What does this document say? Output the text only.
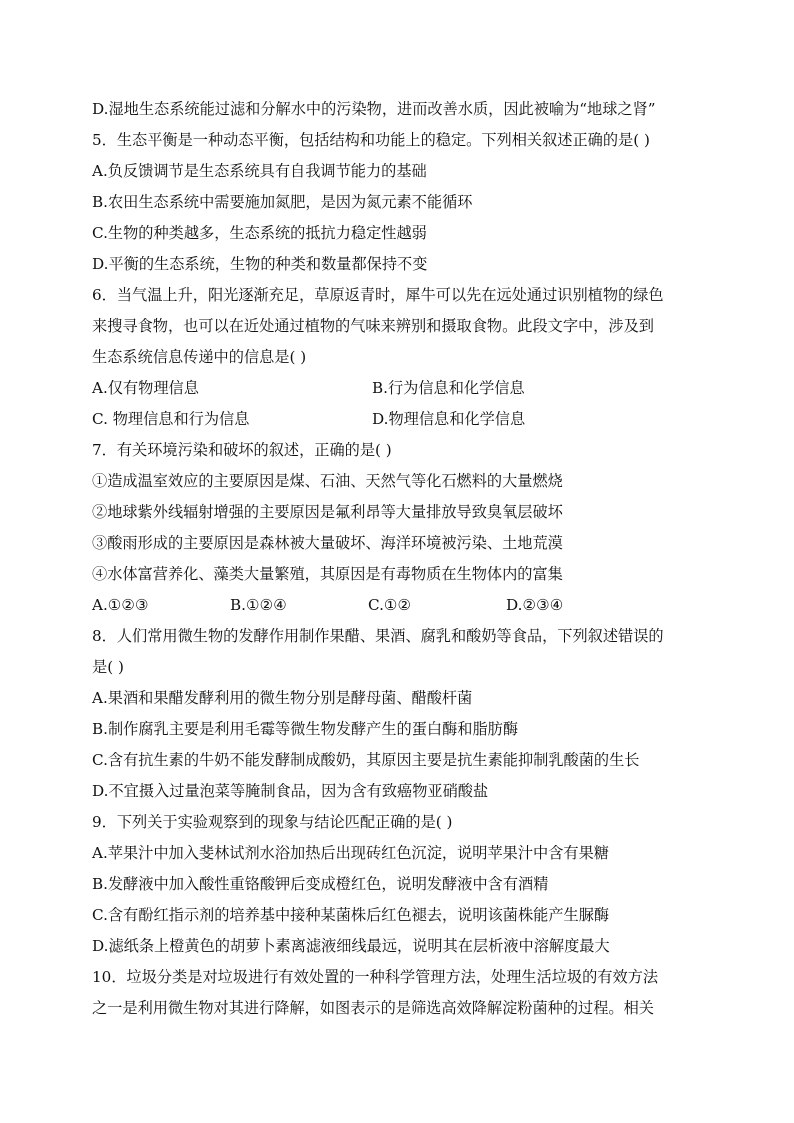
D.湿地生态系统能过滤和分解水中的污染物，进而改善水质，因此被喻为“地球之肾”
5．生态平衡是一种动态平衡，包括结构和功能上的稳定。下列相关叙述正确的是( )
A.负反馈调节是生态系统具有自我调节能力的基础
B.农田生态系统中需要施加氮肥，是因为氮元素不能循环
C.生物的种类越多，生态系统的抵抗力稳定性越弱
D.平衡的生态系统，生物的种类和数量都保持不变
6．当气温上升，阳光逐渐充足，草原返青时，犀牛可以先在远处通过识别植物的绿色
来搜寻食物，也可以在近处通过植物的气味来辨别和摄取食物。此段文字中，涉及到
生态系统信息传递中的信息是( )
A.仅有物理信息	B.行为信息和化学信息
C. 物理信息和行为信息	D.物理信息和化学信息
7．有关环境污染和破坏的叙述，正确的是( )
①造成温室效应的主要原因是煤、石油、天然气等化石燃料的大量燃烧
②地球紫外线辐射增强的主要原因是氟利昂等大量排放导致臭氧层破坏
③酸雨形成的主要原因是森林被大量破坏、海洋环境被污染、土地荒漠
④水体富营养化、藻类大量繁殖，其原因是有毒物质在生物体内的富集
A.①②③	B.①②④	C.①②	D.②③④
8．人们常用微生物的发酵作用制作果醋、果酒、腐乳和酸奶等食品，下列叙述错误的
是( )
A.果酒和果醋发酵利用的微生物分别是酵母菌、醋酸杆菌
B.制作腐乳主要是利用毛霉等微生物发酵产生的蛋白酶和脂肪酶
C.含有抗生素的牛奶不能发酵制成酸奶，其原因主要是抗生素能抑制乳酸菌的生长
D.不宜摄入过量泡菜等腌制食品，因为含有致癌物亚硝酸盐
9．下列关于实验观察到的现象与结论匹配正确的是( )
A.苹果汁中加入斐林试剂水浴加热后出现砖红色沉淀，说明苹果汁中含有果糖
B.发酵液中加入酸性重铬酸钾后变成橙红色，说明发酵液中含有酒精
C.含有酚红指示剂的培养基中接种某菌株后红色褪去，说明该菌株能产生脲酶
D.滤纸条上橙黄色的胡萝卜素离滤液细线最远，说明其在层析液中溶解度最大
10．垃圾分类是对垃圾进行有效处置的一种科学管理方法，处理生活垃圾的有效方法
之一是利用微生物对其进行降解，如图表示的是筛选高效降解淀粉菌种的过程。相关
